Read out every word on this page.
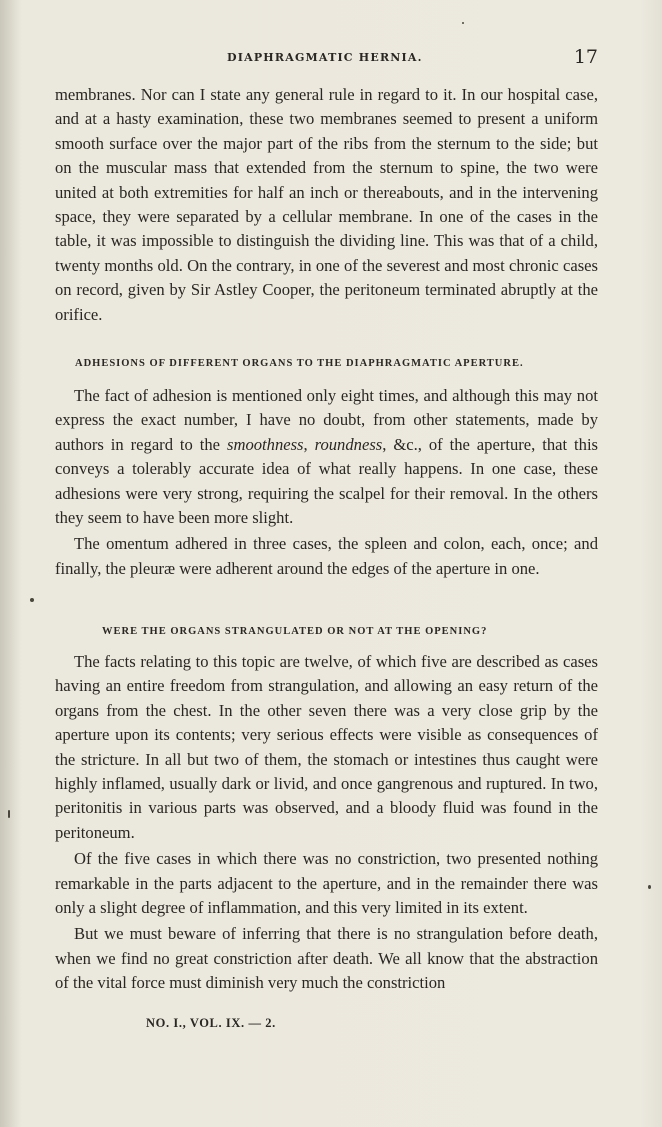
DIAPHRAGMATIC HERNIA.	17

membranes. Nor can I state any general rule in regard to it. In our hospital case, and at a hasty examination, these two membranes seemed to present a uniform smooth surface over the major part of the ribs from the sternum to the side; but on the muscular mass that extended from the sternum to spine, the two were united at both extremities for half an inch or thereabouts, and in the intervening space, they were separated by a cellular membrane. In one of the cases in the table, it was impossible to distinguish the dividing line. This was that of a child, twenty months old. On the contrary, in one of the severest and most chronic cases on record, given by Sir Astley Cooper, the peritoneum terminated abruptly at the orifice.

ADHESIONS OF DIFFERENT ORGANS TO THE DIAPHRAGMATIC APERTURE.

The fact of adhesion is mentioned only eight times, and although this may not express the exact number, I have no doubt, from other statements, made by authors in regard to the smoothness, roundness, &c., of the aperture, that this conveys a tolerably accurate idea of what really happens. In one case, these adhesions were very strong, requiring the scalpel for their removal. In the others they seem to have been more slight.

The omentum adhered in three cases, the spleen and colon, each, once; and finally, the pleuræ were adherent around the edges of the aperture in one.

WERE THE ORGANS STRANGULATED OR NOT AT THE OPENING?

The facts relating to this topic are twelve, of which five are described as cases having an entire freedom from strangulation, and allowing an easy return of the organs from the chest. In the other seven there was a very close grip by the aperture upon its contents; very serious effects were visible as consequences of the stricture. In all but two of them, the stomach or intestines thus caught were highly inflamed, usually dark or livid, and once gangrenous and ruptured. In two, peritonitis in various parts was observed, and a bloody fluid was found in the peritoneum.

Of the five cases in which there was no constriction, two presented nothing remarkable in the parts adjacent to the aperture, and in the remainder there was only a slight degree of inflammation, and this very limited in its extent.

But we must beware of inferring that there is no strangulation before death, when we find no great constriction after death. We all know that the abstraction of the vital force must diminish very much the constriction

NO. I., VOL. IX. — 2.
